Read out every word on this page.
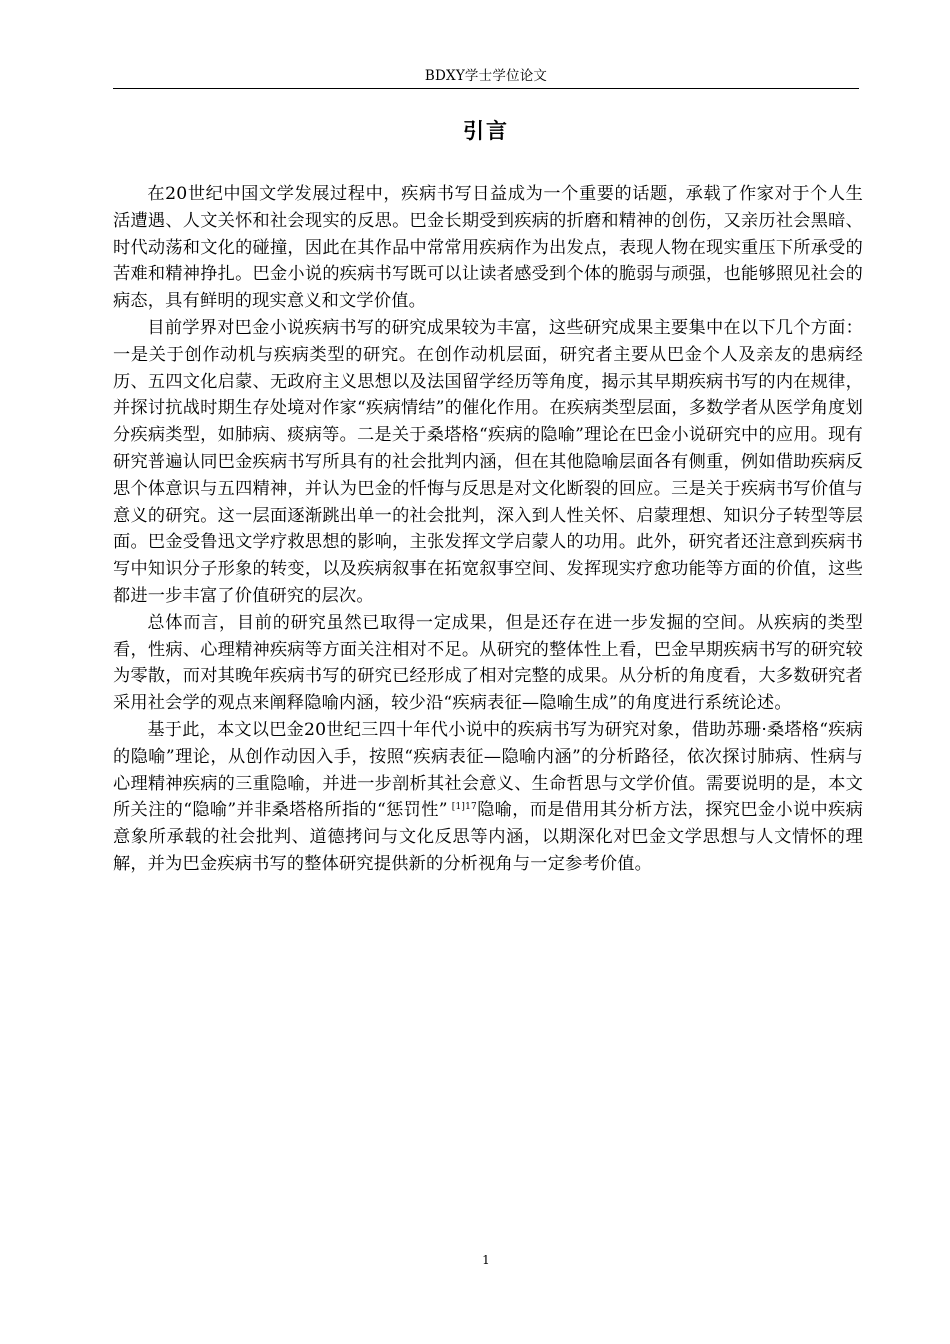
BDXY学士学位论文
引言

在20世纪中国文学发展过程中，疾病书写日益成为一个重要的话题，承载了作家对于个人生活遭遇、人文关怀和社会现实的反思。巴金长期受到疾病的折磨和精神的创伤，又亲历社会黑暗、时代动荡和文化的碰撞，因此在其作品中常常用疾病作为出发点，表现人物在现实重压下所承受的苦难和精神挣扎。巴金小说的疾病书写既可以让读者感受到个体的脆弱与顽强，也能够照见社会的病态，具有鲜明的现实意义和文学价值。

目前学界对巴金小说疾病书写的研究成果较为丰富，这些研究成果主要集中在以下几个方面：一是关于创作动机与疾病类型的研究。在创作动机层面，研究者主要从巴金个人及亲友的患病经历、五四文化启蒙、无政府主义思想以及法国留学经历等角度，揭示其早期疾病书写的内在规律，并探讨抗战时期生存处境对作家“疾病情结”的催化作用。在疾病类型层面，多数学者从医学角度划分疾病类型，如肺病、痰病等。二是关于桑塔格“疾病的隐喻”理论在巴金小说研究中的应用。现有研究普遍认同巴金疾病书写所具有的社会批判内涵，但在其他隐喻层面各有侧重，例如借助疾病反思个体意识与五四精神，并认为巴金的忏悔与反思是对文化断裂的回应。三是关于疾病书写价值与意义的研究。这一层面逐渐跳出单一的社会批判，深入到人性关怀、启蒙理想、知识分子转型等层面。巴金受鲁迅文学疗救思想的影响，主张发挥文学启蒙人的功用。此外，研究者还注意到疾病书写中知识分子形象的转变，以及疾病叙事在拓宽叙事空间、发挥现实疗愈功能等方面的价值，这些都进一步丰富了价值研究的层次。

总体而言，目前的研究虽然已取得一定成果，但是还存在进一步发掘的空间。从疾病的类型看，性病、心理精神疾病等方面关注相对不足。从研究的整体性上看，巴金早期疾病书写的研究较为零散，而对其晚年疾病书写的研究已经形成了相对完整的成果。从分析的角度看，大多数研究者采用社会学的观点来阐释隐喻内涵，较少沿“疾病表征—隐喻生成”的角度进行系统论述。

基于此，本文以巴金20世纪三四十年代小说中的疾病书写为研究对象，借助苏珊·桑塔格“疾病的隐喻”理论，从创作动因入手，按照“疾病表征—隐喻内涵”的分析路径，依次探讨肺病、性病与心理精神疾病的三重隐喻，并进一步剖析其社会意义、生命哲思与文学价值。需要说明的是，本文所关注的“隐喻”并非桑塔格所指的“惩罚性” $^{[1]17}$隐喻，而是借用其分析方法，探究巴金小说中疾病意象所承载的社会批判、道德拷问与文化反思等内涵，以期深化对巴金文学思想与人文情怀的理解，并为巴金疾病书写的整体研究提供新的分析视角与一定参考价值。

1
